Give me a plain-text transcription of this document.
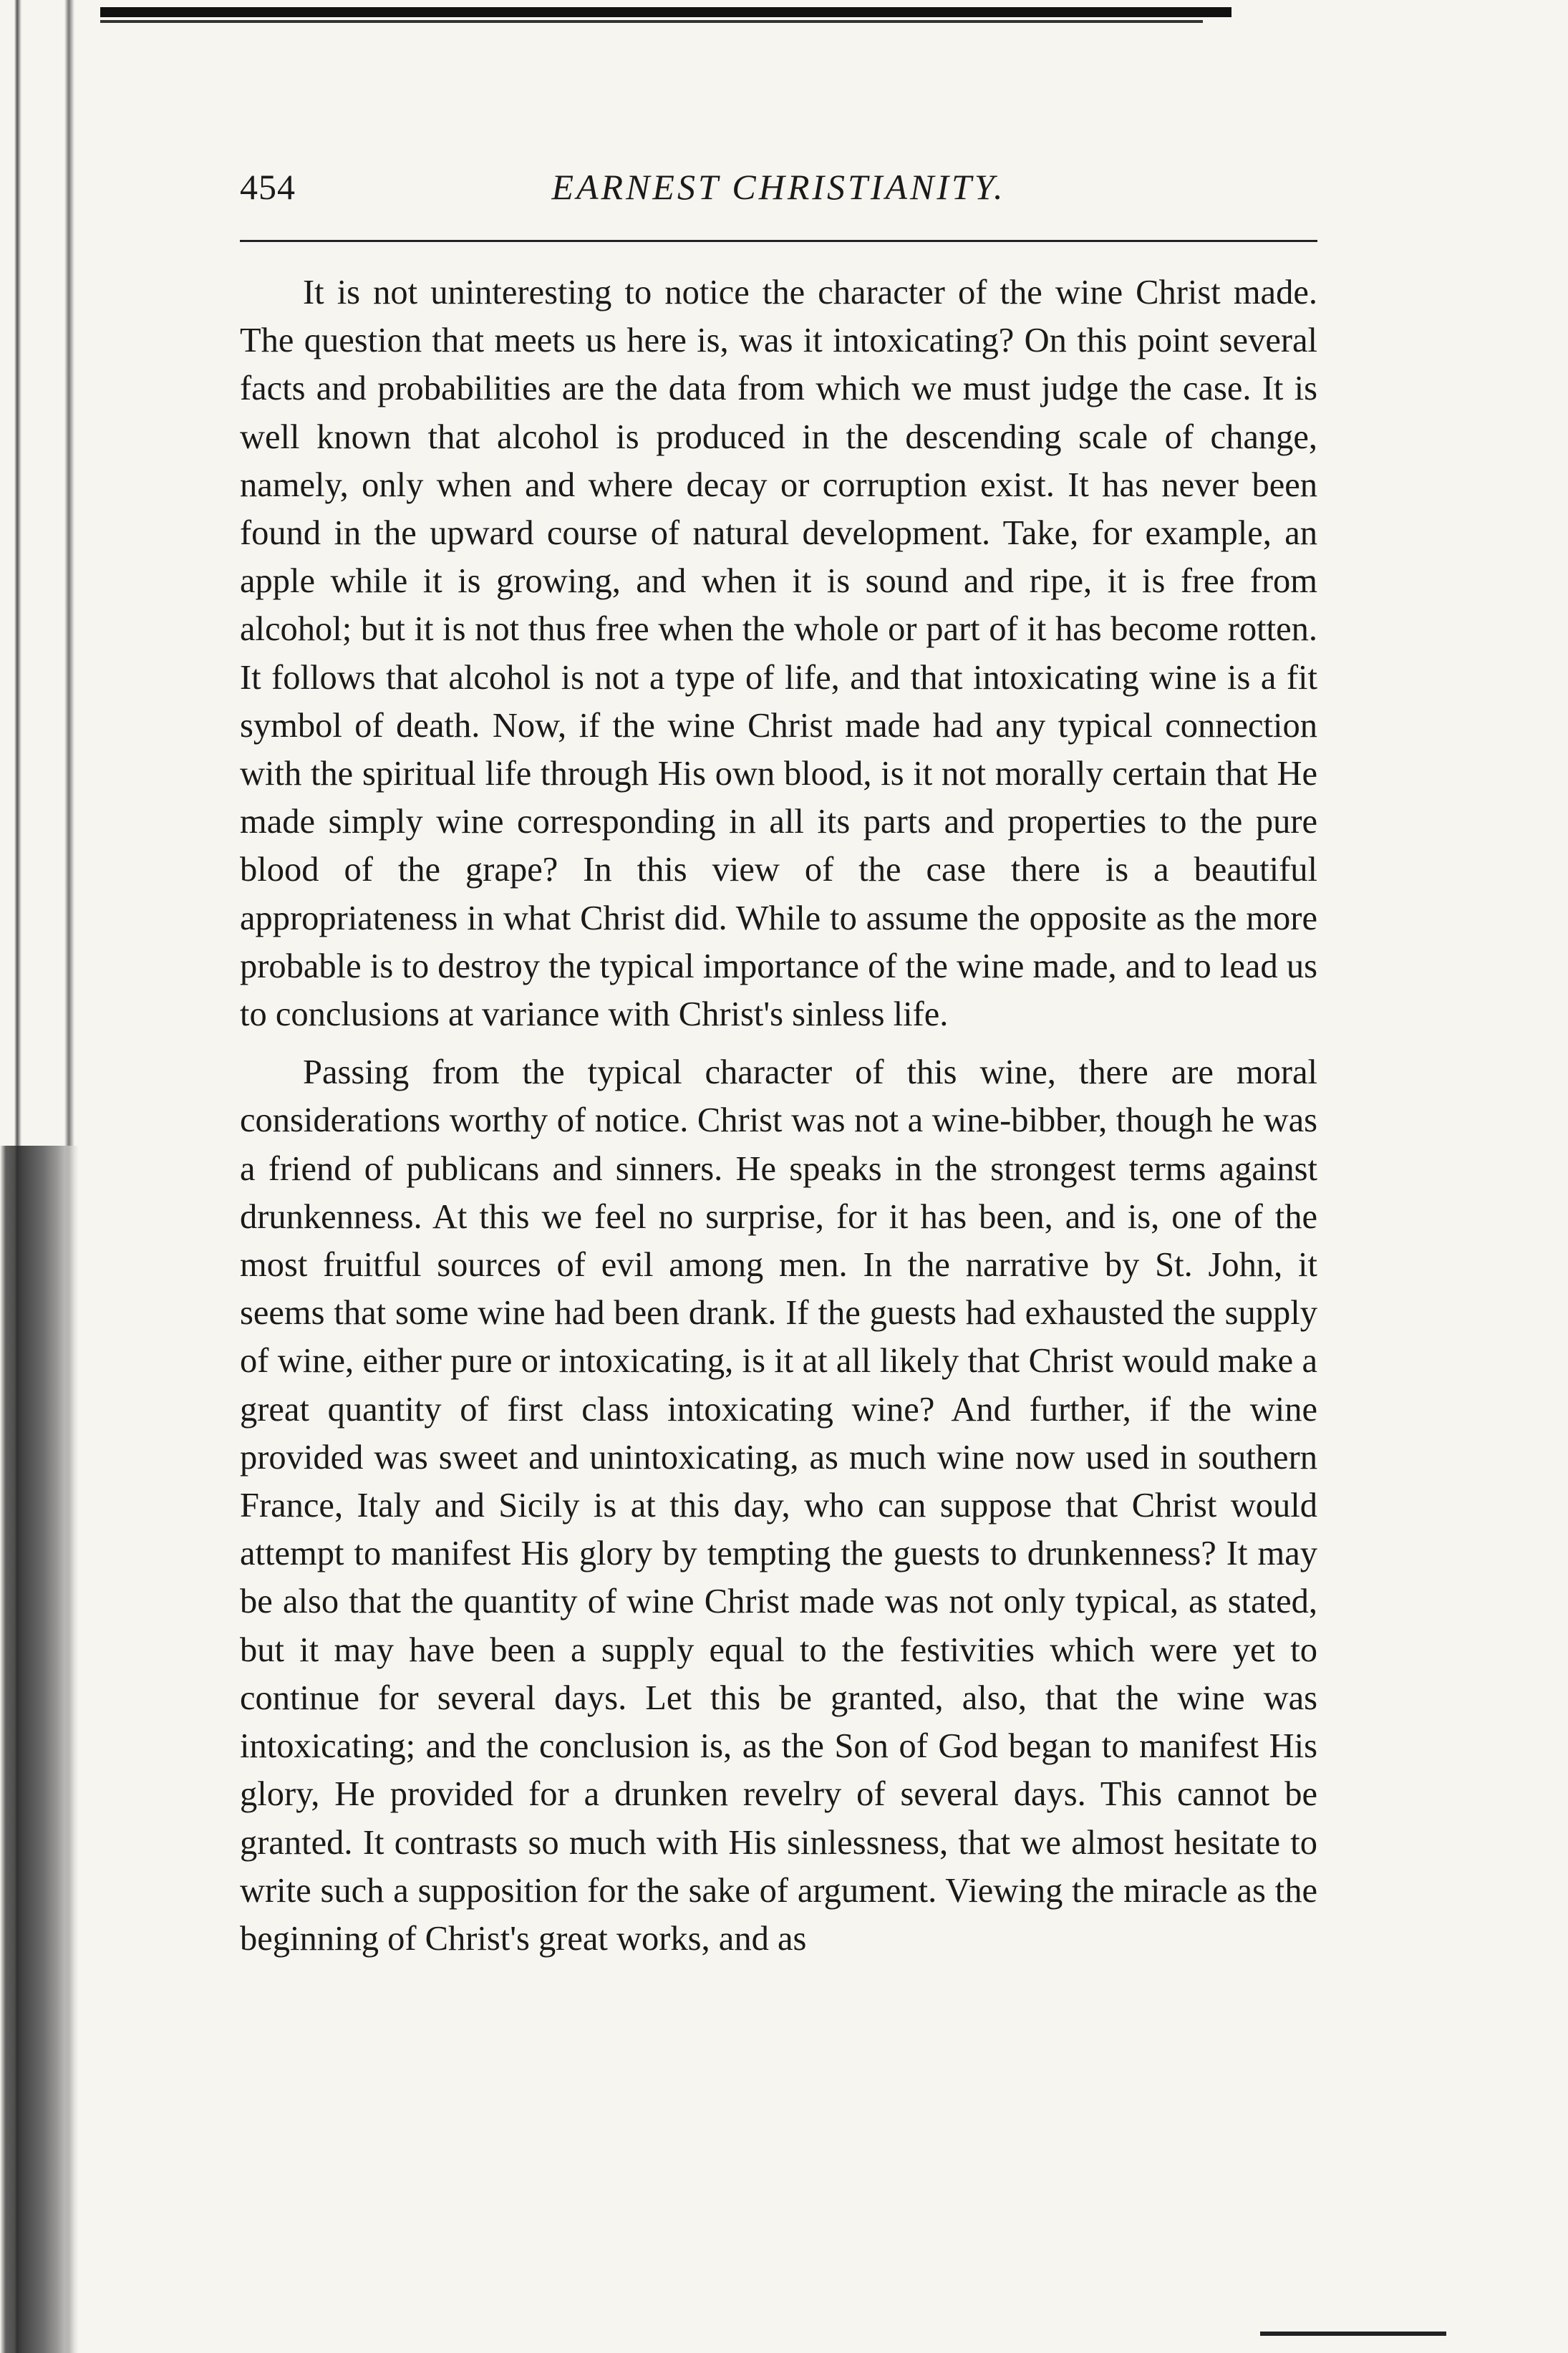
454	EARNEST CHRISTIANITY.

It is not uninteresting to notice the character of the wine Christ made. The question that meets us here is, was it intoxicating? On this point several facts and probabilities are the data from which we must judge the case. It is well known that alcohol is produced in the descending scale of change, namely, only when and where decay or corruption exist. It has never been found in the upward course of natural development. Take, for example, an apple while it is growing, and when it is sound and ripe, it is free from alcohol; but it is not thus free when the whole or part of it has become rotten. It follows that alcohol is not a type of life, and that intoxicating wine is a fit symbol of death. Now, if the wine Christ made had any typical connection with the spiritual life through His own blood, is it not morally certain that He made simply wine corresponding in all its parts and properties to the pure blood of the grape? In this view of the case there is a beautiful appropriateness in what Christ did. While to assume the opposite as the more probable is to destroy the typical importance of the wine made, and to lead us to conclusions at variance with Christ's sinless life.

Passing from the typical character of this wine, there are moral considerations worthy of notice. Christ was not a wine-bibber, though he was a friend of publicans and sinners. He speaks in the strongest terms against drunkenness. At this we feel no surprise, for it has been, and is, one of the most fruitful sources of evil among men. In the narrative by St. John, it seems that some wine had been drank. If the guests had exhausted the supply of wine, either pure or intoxicating, is it at all likely that Christ would make a great quantity of first class intoxicating wine? And further, if the wine provided was sweet and unintoxicating, as much wine now used in southern France, Italy and Sicily is at this day, who can suppose that Christ would attempt to manifest His glory by tempting the guests to drunkenness? It may be also that the quantity of wine Christ made was not only typical, as stated, but it may have been a supply equal to the festivities which were yet to continue for several days. Let this be granted, also, that the wine was intoxicating; and the conclusion is, as the Son of God began to manifest His glory, He provided for a drunken revelry of several days. This cannot be granted. It contrasts so much with His sinlessness, that we almost hesitate to write such a supposition for the sake of argument. Viewing the miracle as the beginning of Christ's great works, and as
